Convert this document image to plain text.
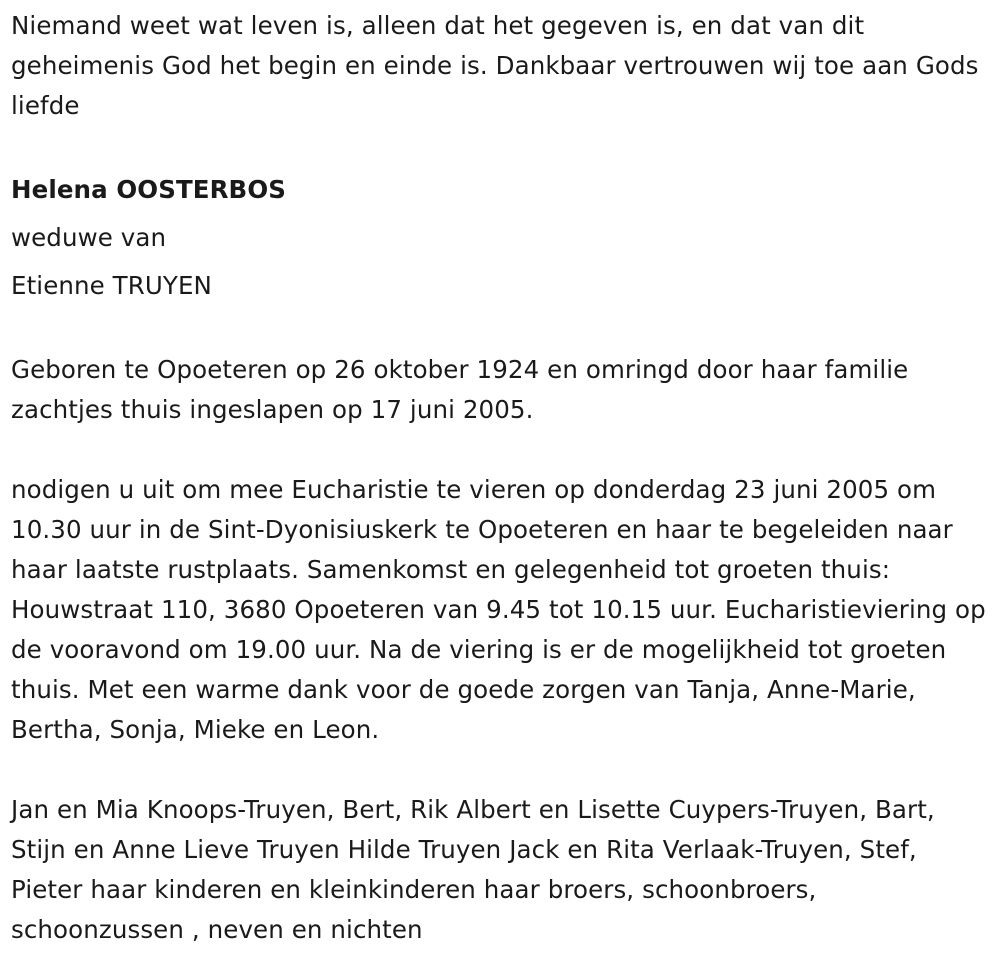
Niemand weet wat leven is, alleen dat het gegeven is, en dat van dit geheimenis God het begin en einde is. Dankbaar vertrouwen wij toe aan Gods liefde

Helena OOSTERBOS

weduwe van

Etienne TRUYEN

Geboren te Opoeteren op 26 oktober 1924 en omringd door haar familie zachtjes thuis ingeslapen op 17 juni 2005.

nodigen u uit om mee Eucharistie te vieren op donderdag 23 juni 2005 om 10.30 uur in de Sint-Dyonisiuskerk te Opoeteren en haar te begeleiden naar haar laatste rustplaats. Samenkomst en gelegenheid tot groeten thuis: Houwstraat 110, 3680 Opoeteren van 9.45 tot 10.15 uur. Eucharistieviering op de vooravond om 19.00 uur. Na de viering is er de mogelijkheid tot groeten thuis. Met een warme dank voor de goede zorgen van Tanja, Anne-Marie, Bertha, Sonja, Mieke en Leon.

Jan en Mia Knoops-Truyen, Bert, Rik Albert en Lisette Cuypers-Truyen, Bart, Stijn en Anne Lieve Truyen Hilde Truyen Jack en Rita Verlaak-Truyen, Stef, Pieter haar kinderen en kleinkinderen haar broers, schoonbroers, schoonzussen , neven en nichten
